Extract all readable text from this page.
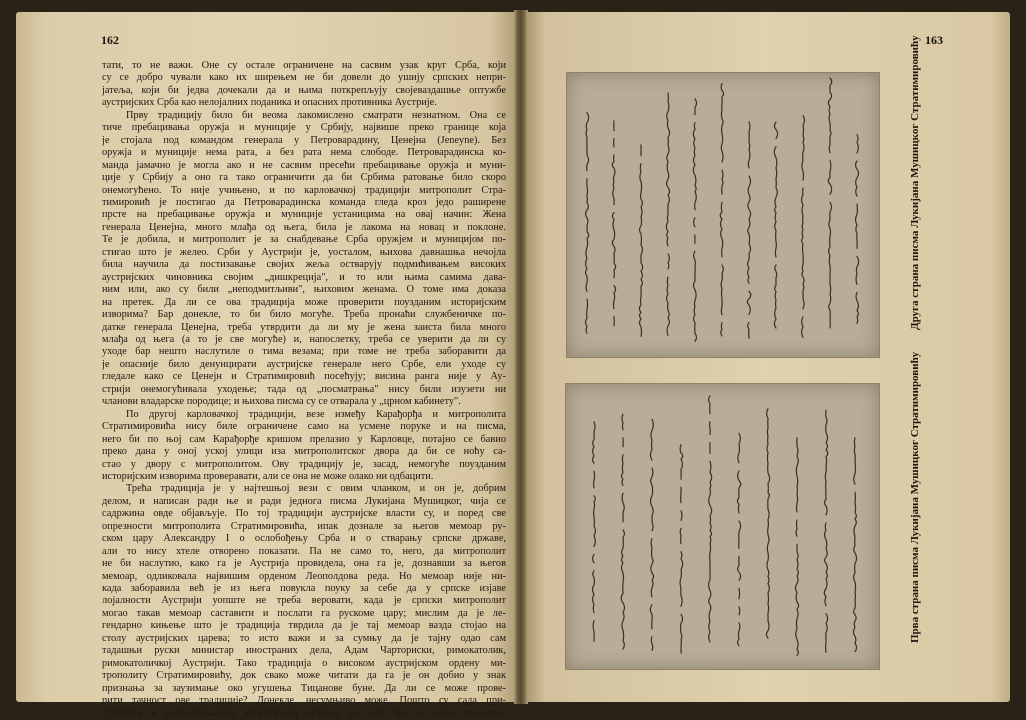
162	163
тати, то не важи. Оне су остале ограничене на сасвим узак круг Срба, који
су се добро чували како их ширењем не би довели до ушију српских непри-
јатеља, који би једва дочекали да и њима поткрепљују својеваздашње оптужбе
аустријских Срба као нелојалних поданика и опасних противника Аустрије.
Прву традицију било би веома лакомислено сматрати незнатном. Она се
тиче пребацивања оружја и муниције у Србију, највише преко границе која
је стојала под командом генерала у Петроварадину, Ценејна (Jeneyne). Без
оружја и муниције нема рата, а без рата нема слободе. Петроварадинска ко-
манда јамачно је могла ако и не сасвим пресећи пребацивање оружја и муни-
ције у Србију а оно га тако ограничити да би Србима ратовање било скоро
онемогућено. То није учињено, и по карловачкој традицији митрополит Стра-
тимировић је постигао да Петроварадинска команда гледа кроз једо раширене
прсте на пребацивање оружја и муниције устаницима на овај начин: Жена
генерала Ценејна, много млађа од њега, била је лакома на новац и поклоне.
Те је добила, и митрополит је за снабдевање Срба оружјем и муницијом по-
стигао што је желео. Срби у Аустрији је, уосталом, њихова давнашња нечојла
била научила да постизавање својих жеља остварују подмићивањем високих
аустријских чиновника својим „дишкреција", и то или њима самима дава-
ним или, ако су били „неподмитљиви", њиховим женама. О томе има доказа
на претек. Да ли се ова традиција може проверити поузданим историјским
изворима? Бар донекле, то би било могуће. Треба пронаћи службеничке по-
датке генерала Ценејна, треба утврдити да ли му је жена заиста била много
млађа од њега (а то је све могуће) и, напослетку, треба се уверити да ли су
уходе бар нешто наслутиле о тима везама; при томе не треба заборавити да
је опасније било денунцирати аустријске генерале него Србе, ели уходе су
гледале како се Ценејн и Стратимировић посећују; висина ранга није у Ау-
стрији онемогућивала уходење; тада од „посматрања" нису били изузети ни
чланови владарске породице; и њихова писма су се отварала у „црном кабинету".
По другој карловачкој традицији, везе између Карађорђа и митрополита
Стратимировића нису биле ограничене само на усмене поруке и на писма,
него би по њој сам Карађорђе кришом прелазио у Карловце, потајно се бавио
преко дана у оној уској улици иза митрополитског двора да би се ноћу са-
стао у двору с митрополитом. Ову традицију је, засад, немогуће поузданим
историјским изворима проверавати, али се она не може олако ни одбацити.
Трећа традиција је у најтешњој вези с овим чланком, и он је, добрим
делом, и написан ради ње и ради једнога писма Лукијана Мушицког, чија се
садржина овде објављује. По тој традицији аустријске власти су, и поред све
опрезности митрополита Стратимировића, ипак дознале за његов мемоар ру-
ском цару Александру I о ослобођењу Срба и о стварању српске државе,
али то нису хтеле отворено показати. Па не само то, него, да митрополит
не би наслутио, како га је Аустрија провидела, она га је, дознавши за његов
мемоар, одликовала највишим орденом Леополдова реда. Но мемоар није ни-
када заборавила већ је из њега повукла поуку за себе да у српске изјаве
лојалности Аустрији уопште не треба веровати, када је српски митрополит
могао такав мемоар саставити и послати га рускоме цару; мислим да је ле-
гендарно кињење што је традиција тврдила да је тај мемоар вазда стојао на
столу аустријских царева; то исто важи и за сумњу да је тајну одао сам
тадашњи руски министар иностраних дела, Адам Чарториски, римокатолик,
римокатоличкој Аустрији. Тако традиција о високом аустријском ордену ми-
трополиту Стратимировићу, док свако може читати да га је он добио у знак
признања за заузимање око угушења Тицанове буне. Да ли се може прове-
рити тачност ове традиције? Донекле, несумњиво може. Пошто су сада при-
ступачни и најповерљивији хабсбуршки архиви, из њих би се дало докучити,
Друга страна писма Лукијана Мушицког Стратимировићу
Прва страна писма Лукијана Мушицког Стратимировићу
